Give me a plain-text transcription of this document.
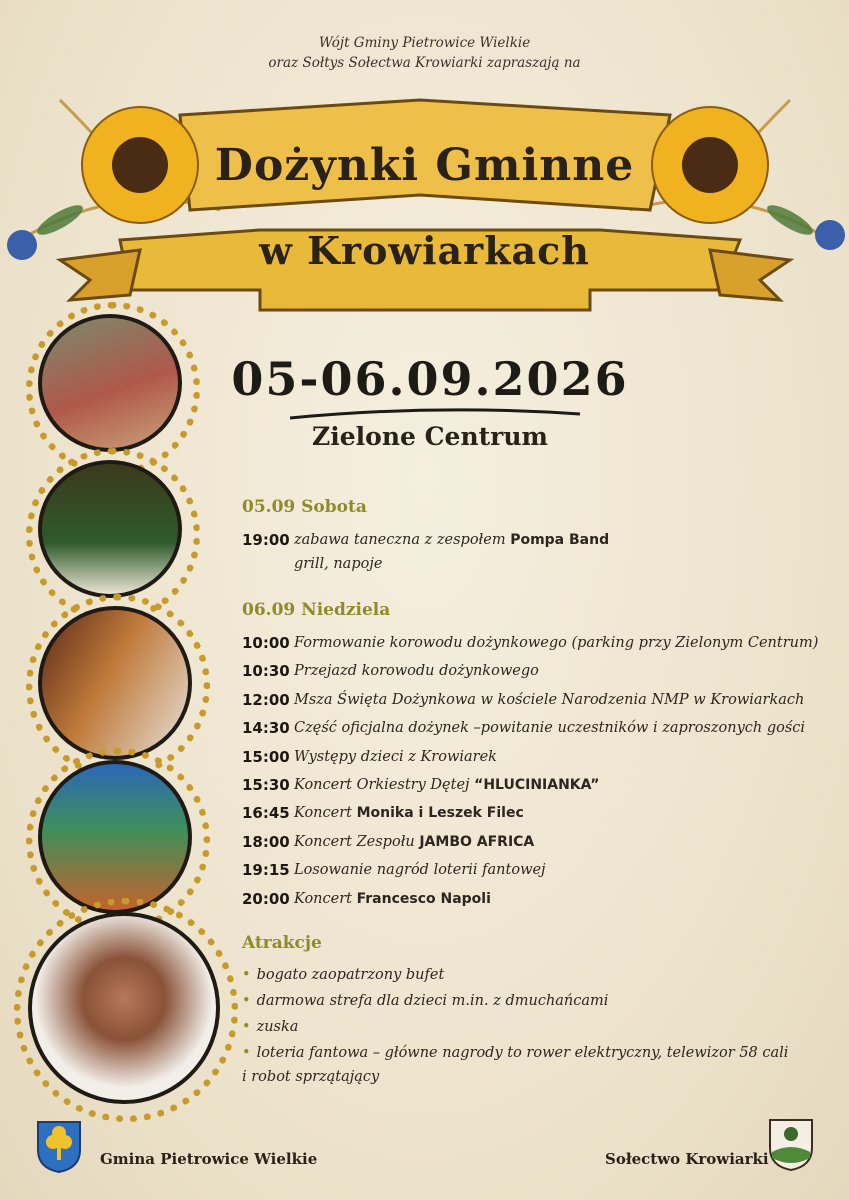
Wójt Gminy Pietrowice Wielkie
oraz Sołtys Sołectwa Krowiarki zapraszają na
Dożynki Gminne
w Krowiarkach
05-06.09.2026
Zielone Centrum
05.09 Sobota
19:00 zabawa taneczna z zespołem Pompa Band
grill, napoje
06.09 Niedziela
10:00 Formowanie korowodu dożynkowego (parking przy Zielonym Centrum)
10:30 Przejazd korowodu dożynkowego
12:00 Msza Święta Dożynkowa w kościele Narodzenia NMP w Krowiarkach
14:30 Część oficjalna dożynek –powitanie uczestników i zaproszonych gości
15:00 Występy dzieci z Krowiarek
15:30 Koncert Orkiestry Dętej “HLUCINIANKA”
16:45 Koncert Monika i Leszek Filec
18:00 Koncert Zespołu JAMBO AFRICA
19:15 Losowanie nagród loterii fantowej
20:00 Koncert Francesco Napoli
Atrakcje
• bogato zaopatrzony bufet
• darmowa strefa dla dzieci m.in. z dmuchańcami
• zuska
• loteria fantowa – główne nagrody to rower elektryczny, telewizor 58 cali
i robot sprzątający
Gmina Pietrowice Wielkie	Sołectwo Krowiarki
